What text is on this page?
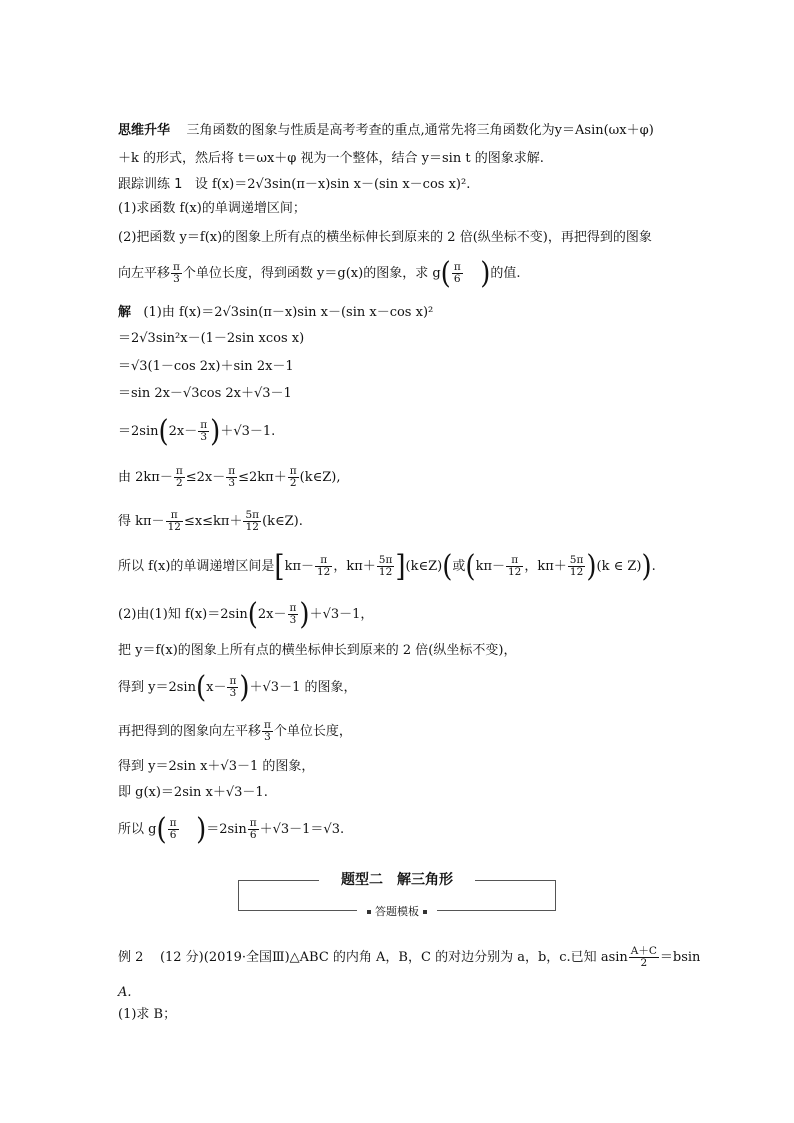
思维升华 三角函数的图象与性质是高考考查的重点,通常先将三角函数化为y＝Asin(ωx＋φ)
＋k 的形式，然后将 t＝ωx＋φ 视为一个整体，结合 y＝sin t 的图象求解.
跟踪训练 1 设 f(x)＝2√3sin(π－x)sin x－(sin x－cos x)².
(1)求函数 f(x)的单调递增区间；
(2)把函数 y＝f(x)的图象上所有点的横坐标伸长到原来的 2 倍(纵坐标不变)，再把得到的图象
向左平移 $\frac{\pi}{3}$ 个单位长度，得到函数 y＝g(x)的图象，求 $g( \frac{\pi}{6}$ )的值.
解 (1)由 f(x)＝2√3sin(π－x)sin x－(sin x－cos x)²
＝2√3sin²x－(1－2sin xcos x)
＝√3(1－cos 2x)＋sin 2x－1
＝sin 2x－√3cos 2x＋√3－1
$=2\sin(2x- \frac{\pi}{3} )+√3-1$.
由 $2k\pi- \frac{\pi}{2} \le 2x- \frac{\pi}{3} \le 2k\pi+ \frac{\pi}{2}$ (k∈Z),
得 $k\pi- \frac{\pi}{12} \le x\le k\pi+ \frac{5\pi}{12}$ (k∈Z).
所以 f(x)的单调递增区间是[$k\pi- \frac{\pi}{12}$ ，$k\pi+ \frac{5\pi}{12}$ ](k∈Z)(或($k\pi- \frac{\pi}{12}$ ，$k\pi+ \frac{5\pi}{12} )(k$ ∈ Z)).
(2)由(1)知 $f(x)=2\sin(2x- \frac{\pi}{3} )+√3-1$，
把 y＝f(x)的图象上所有点的横坐标伸长到原来的 2 倍(纵坐标不变)，
得到 $y=2\sin(x- \frac{\pi}{3} )+√3-1$ 的图象，
再把得到的图象向左平移 $\frac{\pi}{3}$ 个单位长度，
得到 y＝2sin x＋√3－1 的图象，
即 g(x)＝2sin x＋√3－1.
所以 $g( \frac{\pi}{6} )=2\sin \frac{\pi}{6} +√3-1=√3$.
题型二　解三角形
答题模板
例 2 (12 分)(2019·全国Ⅲ)△ABC 的内角 A，B，C 的对边分别为 a，b，c.已知 asin $\frac{A+C}{2} =bsin$
A.
(1)求 B；
